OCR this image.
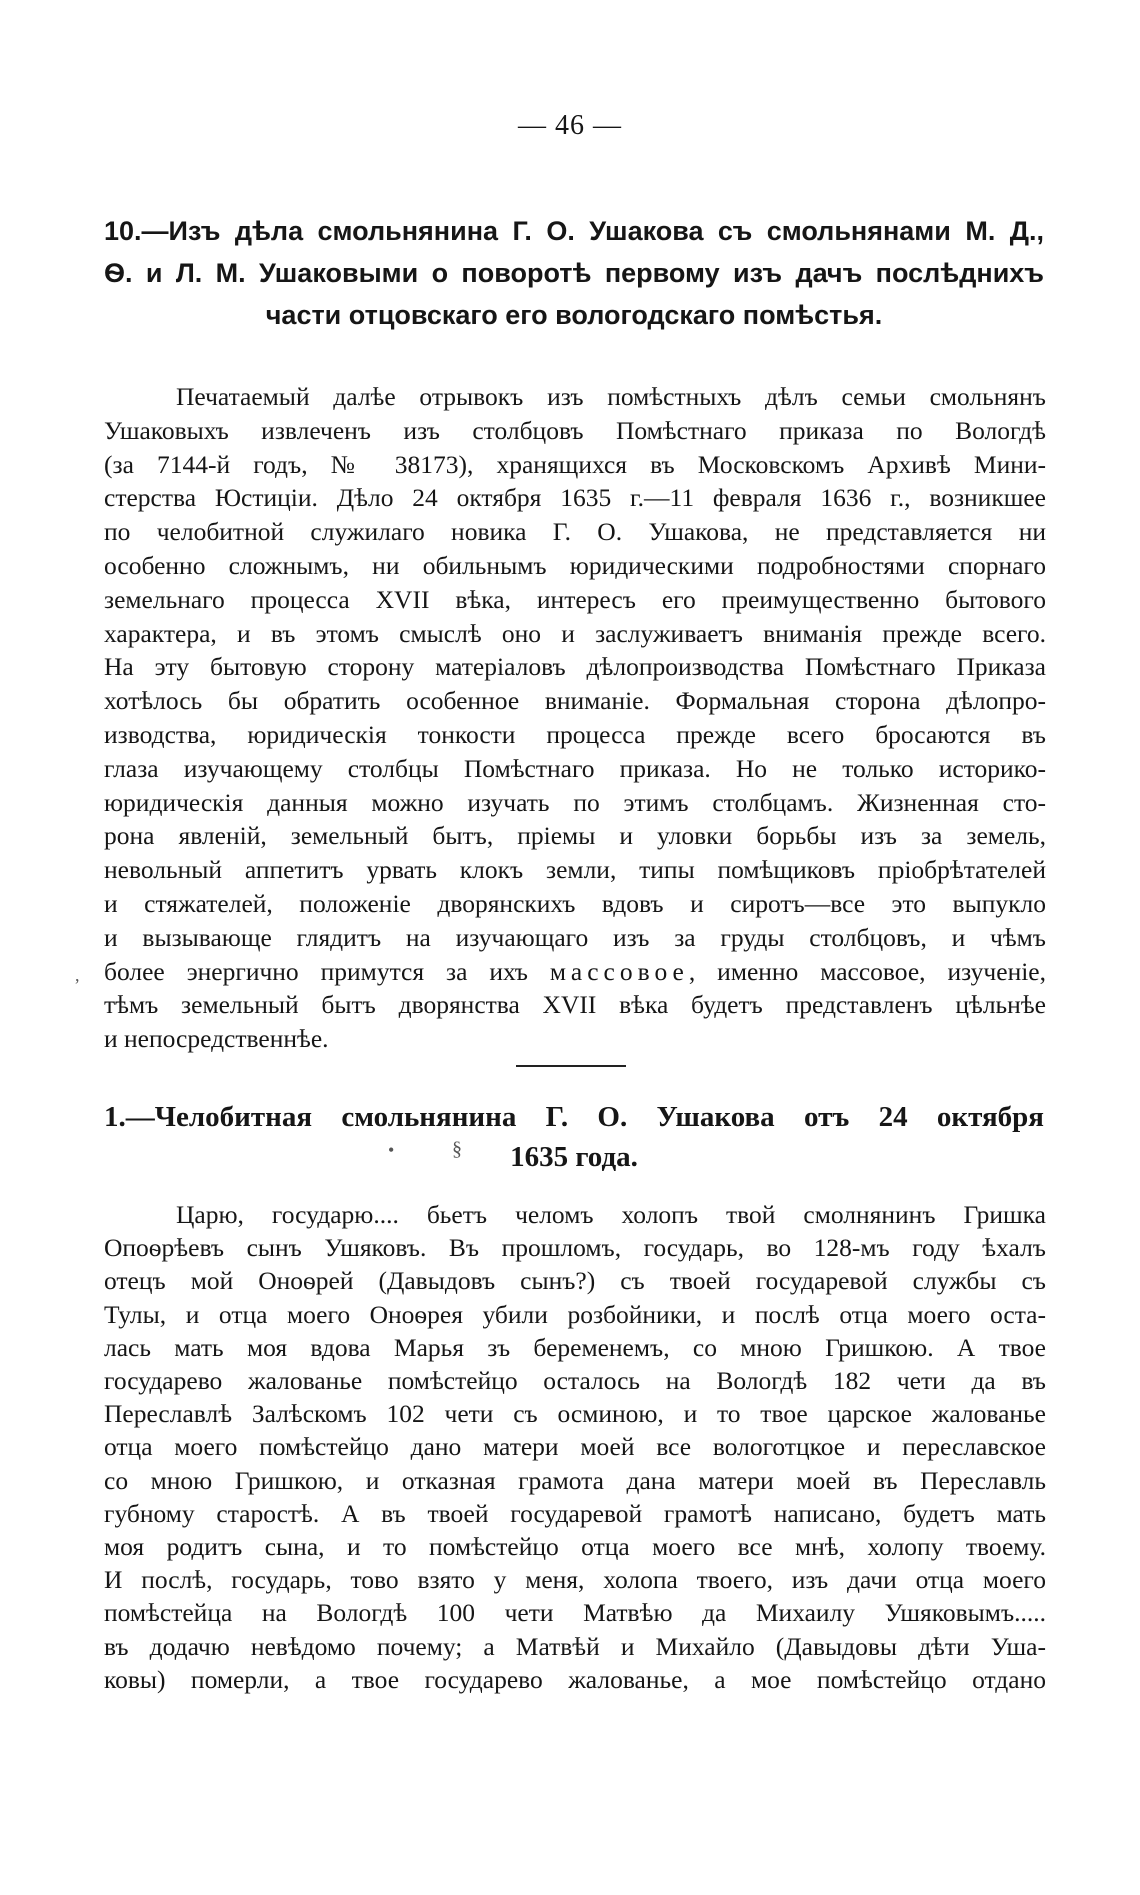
— 46 —
10.—Изъ дѣла смольнянина Г. О. Ушакова съ смольнянами М. Д.,
Ѳ. и Л. М. Ушаковыми о поворотѣ первому изъ дачъ послѣднихъ
части отцовскаго его вологодскаго помѣстья.
Печатаемый далѣе отрывокъ изъ помѣстныхъ дѣлъ семьи смольнянъ
Ушаковыхъ извлеченъ изъ столбцовъ Помѣстнаго приказа по Вологдѣ
(за 7144-й годъ, № 38173), хранящихся въ Московскомъ Архивѣ Мини-
стерства Юстиціи. Дѣло 24 октября 1635 г.—11 февраля 1636 г., возникшее
по челобитной служилаго новика Г. О. Ушакова, не представляется ни
особенно сложнымъ, ни обильнымъ юридическими подробностями спорнаго
земельнаго процесса XVII вѣка, интересъ его преимущественно бытового
характера, и въ этомъ смыслѣ оно и заслуживаетъ вниманія прежде всего.
На эту бытовую сторону матеріаловъ дѣлопроизводства Помѣстнаго Приказа
хотѣлось бы обратить особенное вниманіе. Формальная сторона дѣлопро-
изводства, юридическія тонкости процесса прежде всего бросаются въ
глаза изучающему столбцы Помѣстнаго приказа. Но не только историко-
юридическія данныя можно изучать по этимъ столбцамъ. Жизненная сто-
рона явленій, земельный бытъ, пріемы и уловки борьбы изъ за земель,
невольный аппетитъ урвать клокъ земли, типы помѣщиковъ пріобрѣтателей
и стяжателей, положеніе дворянскихъ вдовъ и сиротъ—все это выпукло
и вызывающе глядитъ на изучающаго изъ за груды столбцовъ, и чѣмъ
более энергично примутся за ихъ массовое, именно массовое, изученіе,
тѣмъ земельный бытъ дворянства XVII вѣка будетъ представленъ цѣльнѣе
и непосредственнѣе.
1.—Челобитная смольнянина Г. О. Ушакова отъ 24 октября
1635 года.
Царю, государю.... бьетъ челомъ холопъ твой смолнянинъ Гришка
Опоѳрѣевъ сынъ Ушяковъ. Въ прошломъ, государь, во 128-мъ году ѣхалъ
отецъ мой Оноѳрей (Давыдовъ сынъ?) съ твоей государевой службы съ
Тулы, и отца моего Оноѳрея убили розбойники, и послѣ отца моего оста-
лась мать моя вдова Марья зъ беременемъ, со мною Гришкою. А твое
государево жалованье помѣстейцо осталось на Вологдѣ 182 чети да въ
Переславлѣ Залѣскомъ 102 чети съ осминою, и то твое царское жалованье
отца моего помѣстейцо дано матери моей все вологотцкое и переславское
со мною Гришкою, и отказная грамота дана матери моей въ Переславль
губному старостѣ. А въ твоей государевой грамотѣ написано, будетъ мать
моя родитъ сына, и то помѣстейцо отца моего все мнѣ, холопу твоему.
И послѣ, государь, тово взято у меня, холопа твоего, изъ дачи отца моего
помѣстейца на Вологдѣ 100 чети Матвѣю да Михаилу Ушяковымъ.....
въ додачю невѣдомо почему; а Матвѣй и Михайло (Давыдовы дѣти Ушa-
ковы) померли, а твое государево жалованье, а мое помѣстейцо отдано
,
•	§
